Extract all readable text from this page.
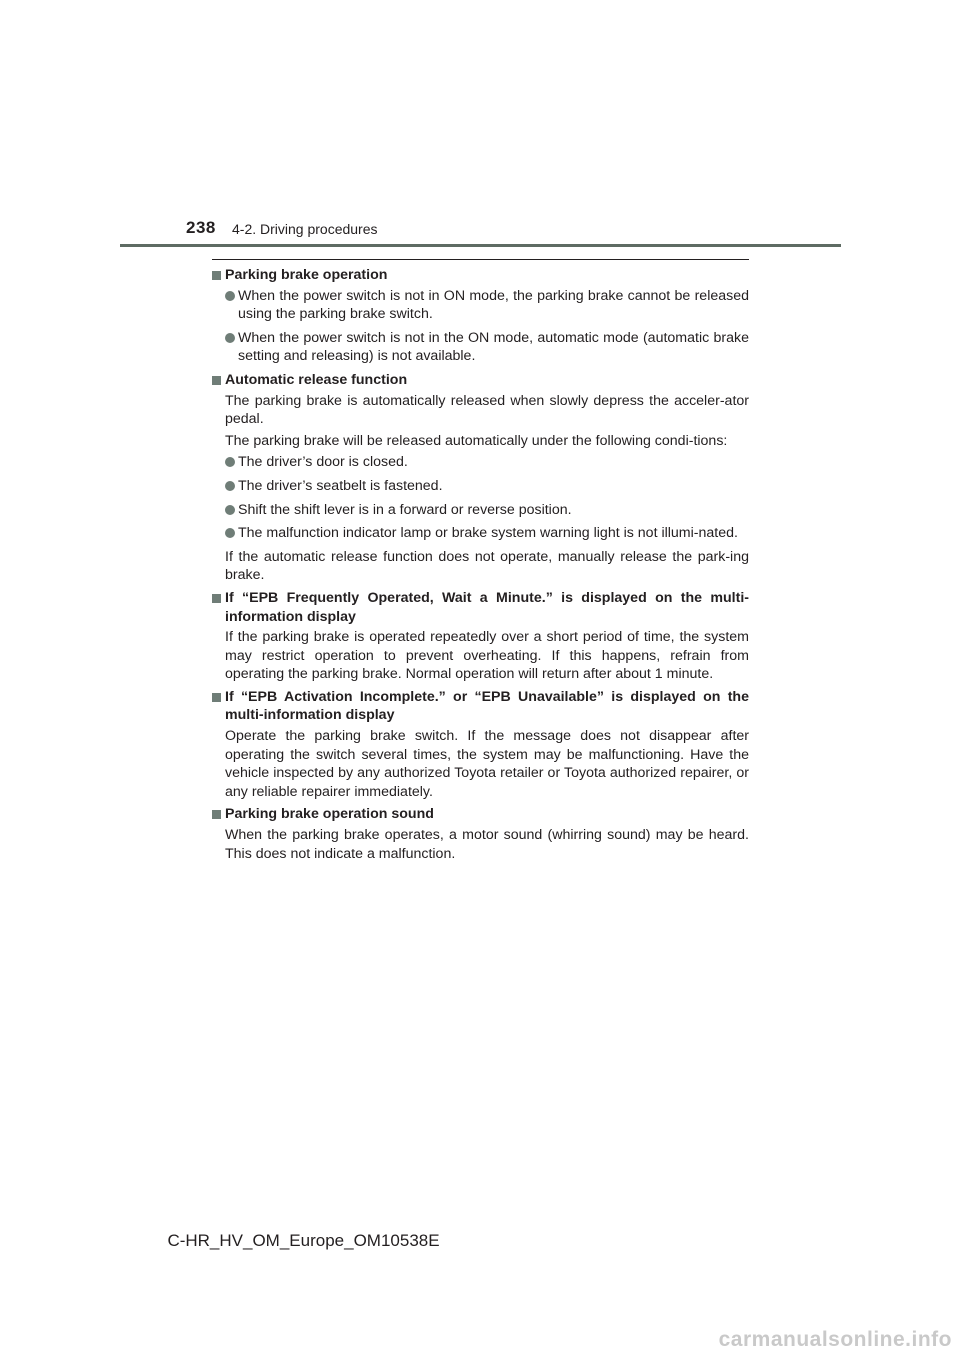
238 4-2. Driving procedures
Parking brake operation
When the power switch is not in ON mode, the parking brake cannot be released using the parking brake switch.
When the power switch is not in the ON mode, automatic mode (automatic brake setting and releasing) is not available.
Automatic release function
The parking brake is automatically released when slowly depress the acceler-ator pedal.
The parking brake will be released automatically under the following condi-tions:
The driver’s door is closed.
The driver’s seatbelt is fastened.
Shift the shift lever is in a forward or reverse position.
The malfunction indicator lamp or brake system warning light is not illumi-nated.
If the automatic release function does not operate, manually release the park-ing brake.
If “EPB Frequently Operated, Wait a Minute.” is displayed on the multi-information display
If the parking brake is operated repeatedly over a short period of time, the system may restrict operation to prevent overheating. If this happens, refrain from operating the parking brake. Normal operation will return after about 1 minute.
If “EPB Activation Incomplete.” or “EPB Unavailable” is displayed on the multi-information display
Operate the parking brake switch. If the message does not disappear after operating the switch several times, the system may be malfunctioning. Have the vehicle inspected by any authorized Toyota retailer or Toyota authorized repairer, or any reliable repairer immediately.
Parking brake operation sound
When the parking brake operates, a motor sound (whirring sound) may be heard. This does not indicate a malfunction.
C-HR_HV_OM_Europe_OM10538E
carmanualsonline.info
